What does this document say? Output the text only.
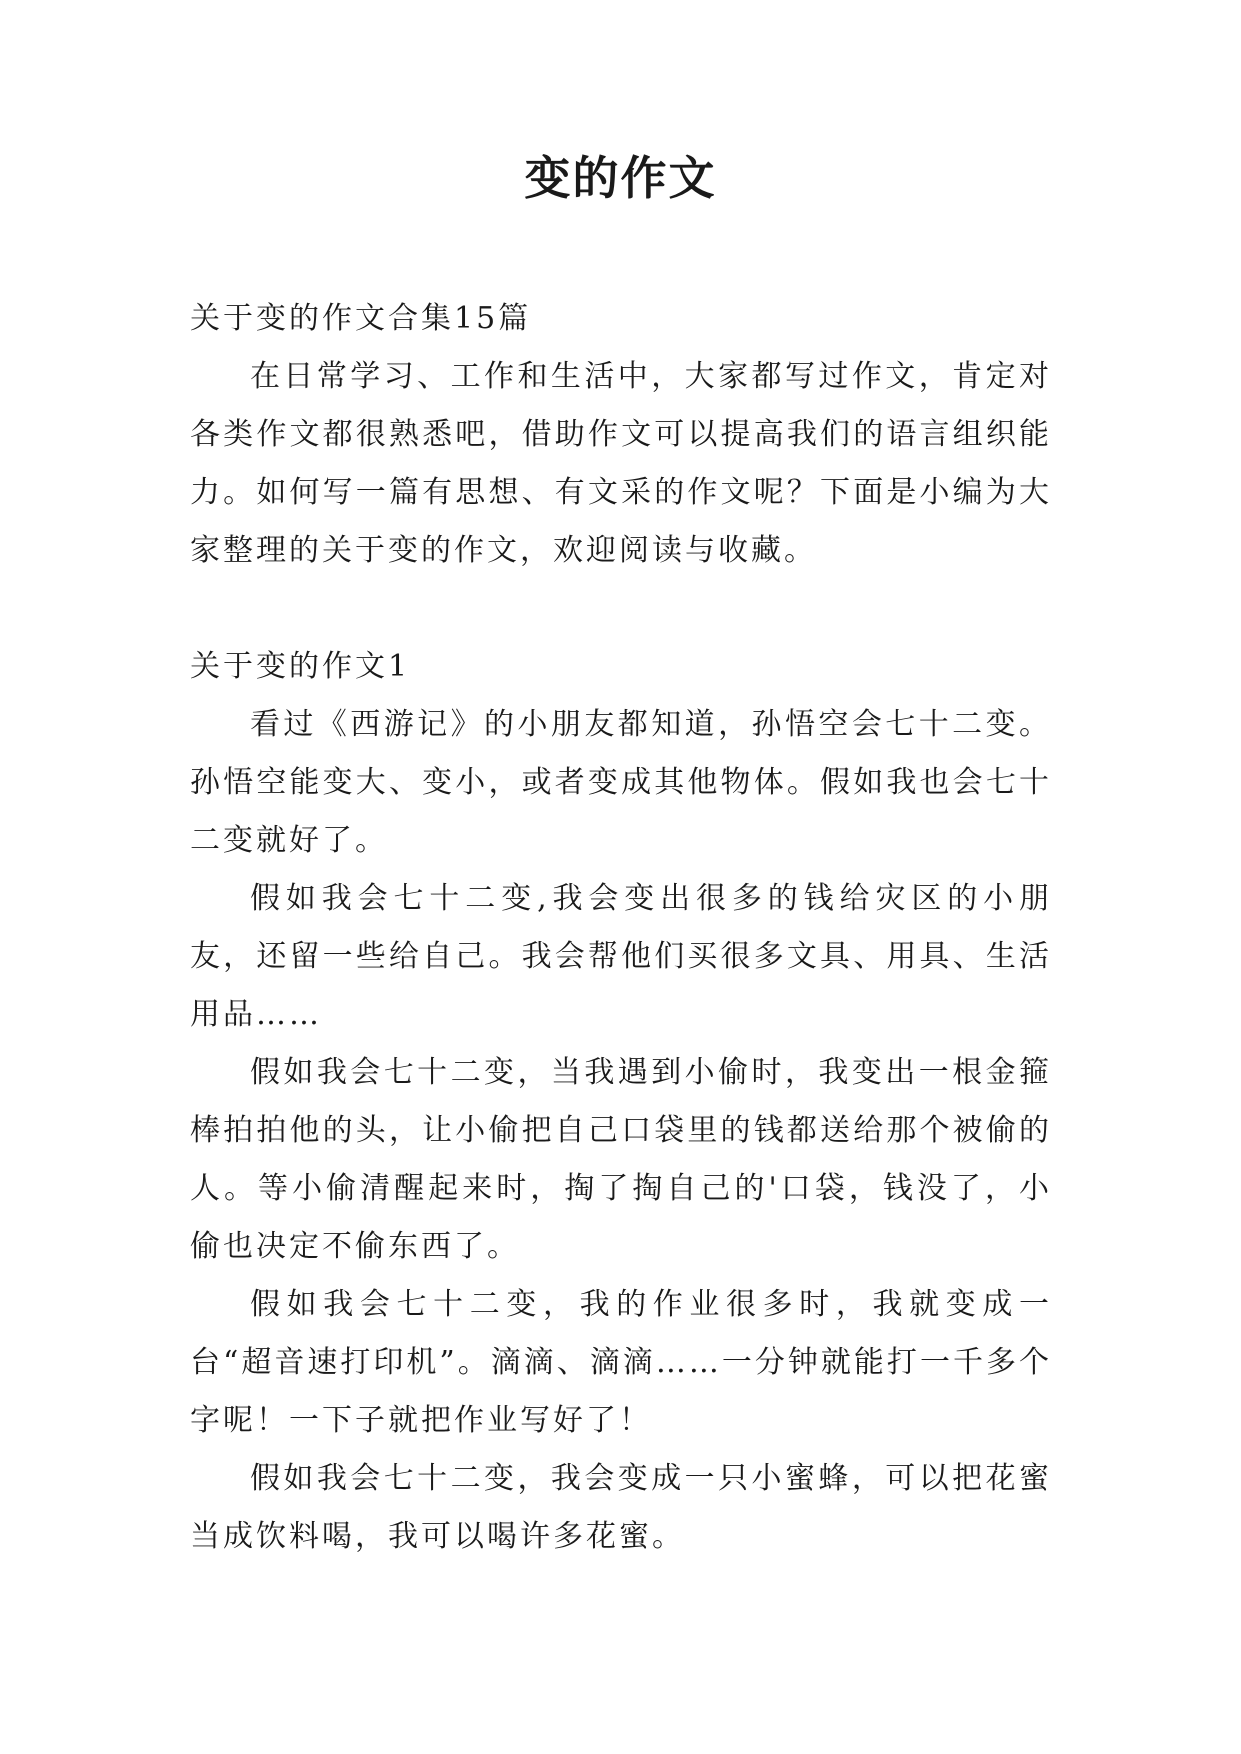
变的作文

关于变的作文合集15篇

在日常学习、工作和生活中，大家都写过作文，肯定对各类作文都很熟悉吧，借助作文可以提高我们的语言组织能力。如何写一篇有思想、有文采的作文呢？下面是小编为大家整理的关于变的作文，欢迎阅读与收藏。

关于变的作文1

看过《西游记》的小朋友都知道，孙悟空会七十二变。孙悟空能变大、变小，或者变成其他物体。假如我也会七十二变就好了。

假如我会七十二变,我会变出很多的钱给灾区的小朋友，还留一些给自己。我会帮他们买很多文具、用具、生活用品……

假如我会七十二变，当我遇到小偷时，我变出一根金箍棒拍拍他的头，让小偷把自己口袋里的钱都送给那个被偷的人。等小偷清醒起来时，掏了掏自己的'口袋，钱没了，小偷也决定不偷东西了。

假如我会七十二变，我的作业很多时，我就变成一台“超音速打印机”。滴滴、滴滴……一分钟就能打一千多个字呢！一下子就把作业写好了！

假如我会七十二变，我会变成一只小蜜蜂，可以把花蜜当成饮料喝，我可以喝许多花蜜。
